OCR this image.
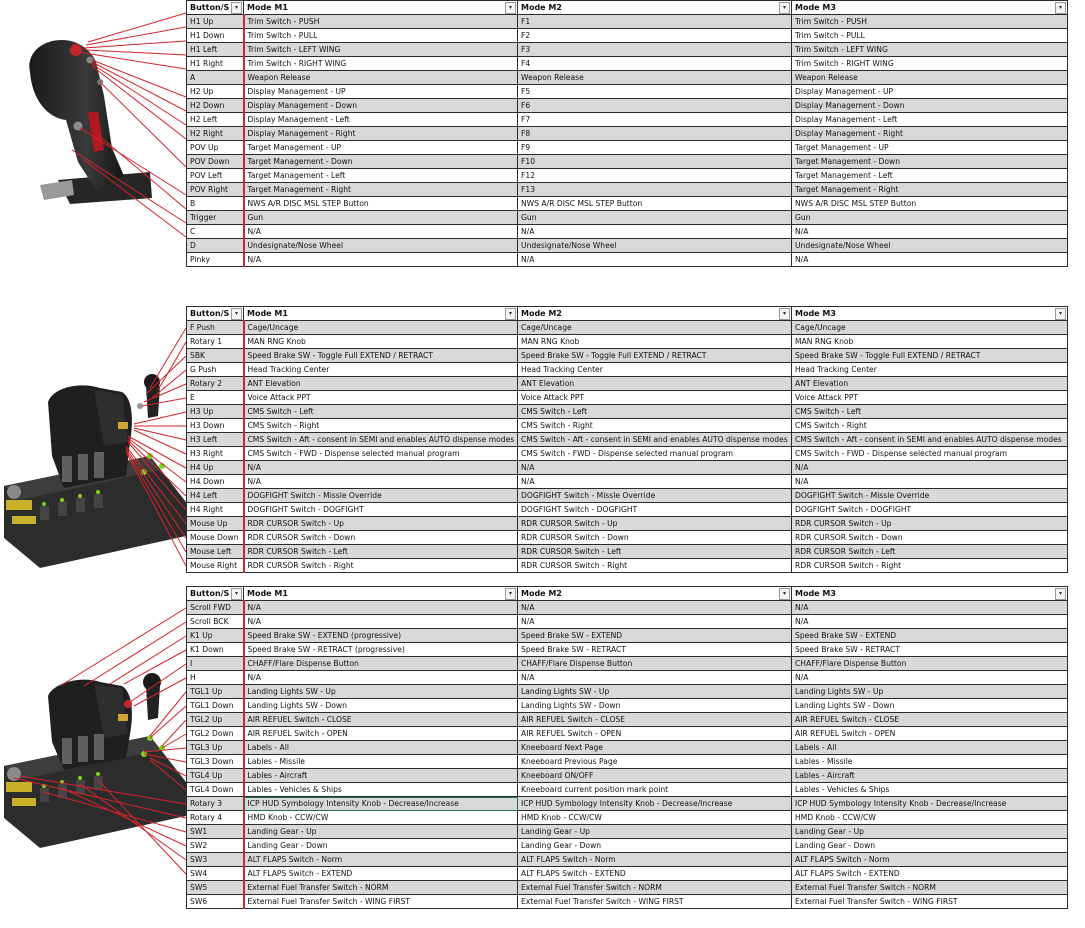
Button/S ▾	Mode M1 ▾	Mode M2 ▾	Mode M3 ▾

H1 Up	Trim Switch - PUSH	F1	Trim Switch - PUSH
H1 Down	Trim Switch - PULL	F2	Trim Switch - PULL
H1 Left	Trim Switch - LEFT WING	F3	Trim Switch - LEFT WING
H1 Right	Trim Switch - RIGHT WING	F4	Trim Switch - RIGHT WING
A	Weapon Release	Weapon Release	Weapon Release
H2 Up	Display Management - UP	F5	Display Management - UP
H2 Down	Display Management - Down	F6	Display Management - Down
H2 Left	Display Management - Left	F7	Display Management - Left
H2 Right	Display Management - Right	F8	Display Management - Right
POV Up	Target Management - UP	F9	Target Management - UP
POV Down	Target Management - Down	F10	Target Management - Down
POV Left	Target Management - Left	F12	Target Management - Left
POV Right	Target Management - Right	F13	Target Management - Right
B	NWS A/R DISC MSL STEP Button	NWS A/R DISC MSL STEP Button	NWS A/R DISC MSL STEP Button
Trigger	Gun	Gun	Gun
C	N/A	N/A	N/A
D	Undesignate/Nose Wheel	Undesignate/Nose Wheel	Undesignate/Nose Wheel
Pinky	N/A	N/A	N/A
Button/S ▾	Mode M1 ▾	Mode M2 ▾	Mode M3 ▾

F Push	Cage/Uncage	Cage/Uncage	Cage/Uncage
Rotary 1	MAN RNG Knob	MAN RNG Knob	MAN RNG Knob
SBK	Speed Brake SW - Toggle Full EXTEND / RETRACT	Speed Brake SW - Toggle Full EXTEND / RETRACT	Speed Brake SW - Toggle Full EXTEND / RETRACT
G Push	Head Tracking Center	Head Tracking Center	Head Tracking Center
Rotary 2	ANT Elevation	ANT Elevation	ANT Elevation
E	Voice Attack PPT	Voice Attack PPT	Voice Attack PPT
H3 Up	CMS Switch - Left	CMS Switch - Left	CMS Switch - Left
H3 Down	CMS Switch - Right	CMS Switch - Right	CMS Switch - Right
H3 Left	CMS Switch - Aft - consent in SEMI and enables AUTO dispense modes	CMS Switch - Aft - consent in SEMI and enables AUTO dispense modes	CMS Switch - Aft - consent in SEMI and enables AUTO dispense modes
H3 Right	CMS Switch - FWD - Dispense selected manual program	CMS Switch - FWD - Dispense selected manual program	CMS Switch - FWD - Dispense selected manual program
H4 Up	N/A	N/A	N/A
H4 Down	N/A	N/A	N/A
H4 Left	DOGFIGHT Switch - Missle Override	DOGFIGHT Switch - Missle Override	DOGFIGHT Switch - Missle Override
H4 Right	DOGFIGHT Switch - DOGFIGHT	DOGFIGHT Switch - DOGFIGHT	DOGFIGHT Switch - DOGFIGHT
Mouse Up	RDR CURSOR Switch - Up	RDR CURSOR Switch - Up	RDR CURSOR Switch - Up
Mouse Down	RDR CURSOR Switch - Down	RDR CURSOR Switch - Down	RDR CURSOR Switch - Down
Mouse Left	RDR CURSOR Switch - Left	RDR CURSOR Switch - Left	RDR CURSOR Switch - Left
Mouse Right	RDR CURSOR Switch - Right	RDR CURSOR Switch - Right	RDR CURSOR Switch - Right
Button/S ▾	Mode M1 ▾	Mode M2 ▾	Mode M3 ▾

Scroll FWD	N/A	N/A	N/A
Scroll BCK	N/A	N/A	N/A
K1 Up	Speed Brake SW - EXTEND (progressive)	Speed Brake SW - EXTEND	Speed Brake SW - EXTEND
K1 Down	Speed Brake SW - RETRACT (progressive)	Speed Brake SW - RETRACT	Speed Brake SW - RETRACT
I	CHAFF/Flare Dispense Button	CHAFF/Flare Dispense Button	CHAFF/Flare Dispense Button
H	N/A	N/A	N/A
TGL1 Up	Landing Lights SW - Up	Landing Lights SW - Up	Landing Lights SW - Up
TGL1 Down	Landing Lights SW - Down	Landing Lights SW - Down	Landing Lights SW - Down
TGL2 Up	AIR REFUEL Switch - CLOSE	AIR REFUEL Switch - CLOSE	AIR REFUEL Switch - CLOSE
TGL2 Down	AIR REFUEL Switch - OPEN	AIR REFUEL Switch - OPEN	AIR REFUEL Switch - OPEN
TGL3 Up	Labels - All	Kneeboard Next Page	Labels - All
TGL3 Down	Lables - Missile	Kneeboard Previous Page	Lables - Missile
TGL4 Up	Lables - Aircraft	Kneeboard ON/OFF	Lables - Aircraft
TGL4 Down	Lables - Vehicles & Ships	Kneeboard current position mark point	Lables - Vehicles & Ships
Rotary 3	ICP HUD Symbology Intensity Knob - Decrease/Increase	ICP HUD Symbology Intensity Knob - Decrease/Increase	ICP HUD Symbology Intensity Knob - Decrease/Increase
Rotary 4	HMD Knob - CCW/CW	HMD Knob - CCW/CW	HMD Knob - CCW/CW
SW1	Landing Gear - Up	Landing Gear - Up	Landing Gear - Up
SW2	Landing Gear - Down	Landing Gear - Down	Landing Gear - Down
SW3	ALT FLAPS Switch - Norm	ALT FLAPS Switch - Norm	ALT FLAPS Switch - Norm
SW4	ALT FLAPS Switch - EXTEND	ALT FLAPS Switch - EXTEND	ALT FLAPS Switch - EXTEND
SW5	External Fuel Transfer Switch - NORM	External Fuel Transfer Switch - NORM	External Fuel Transfer Switch - NORM
SW6	External Fuel Transfer Switch - WING FIRST	External Fuel Transfer Switch - WING FIRST	External Fuel Transfer Switch - WING FIRST
